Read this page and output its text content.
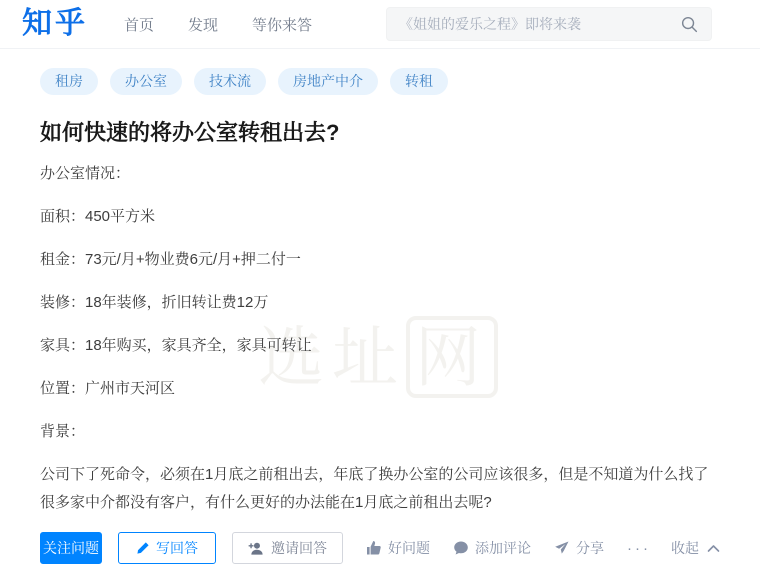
知乎 首页 发现 等你来答
《姐姐的爱乐之程》即将来袭
选址 网
租房	办公室	技术流	房地产中介	转租
如何快速的将办公室转租出去?

办公室情况：

面积：450平方米

租金：73元/月+物业费6元/月+押二付一

装修：18年装修，折旧转让费12万

家具：18年购买，家具齐全，家具可转让

位置：广州市天河区

背景：

公司下了死命令，必须在1月底之前租出去，年底了换办公室的公司应该很多，但是不知道为什么找了很多家中介都没有客户，有什么更好的办法能在1月底之前租出去呢?

关注问题	写回答	邀请回答	好问题	添加评论	分享 ··· 收起
